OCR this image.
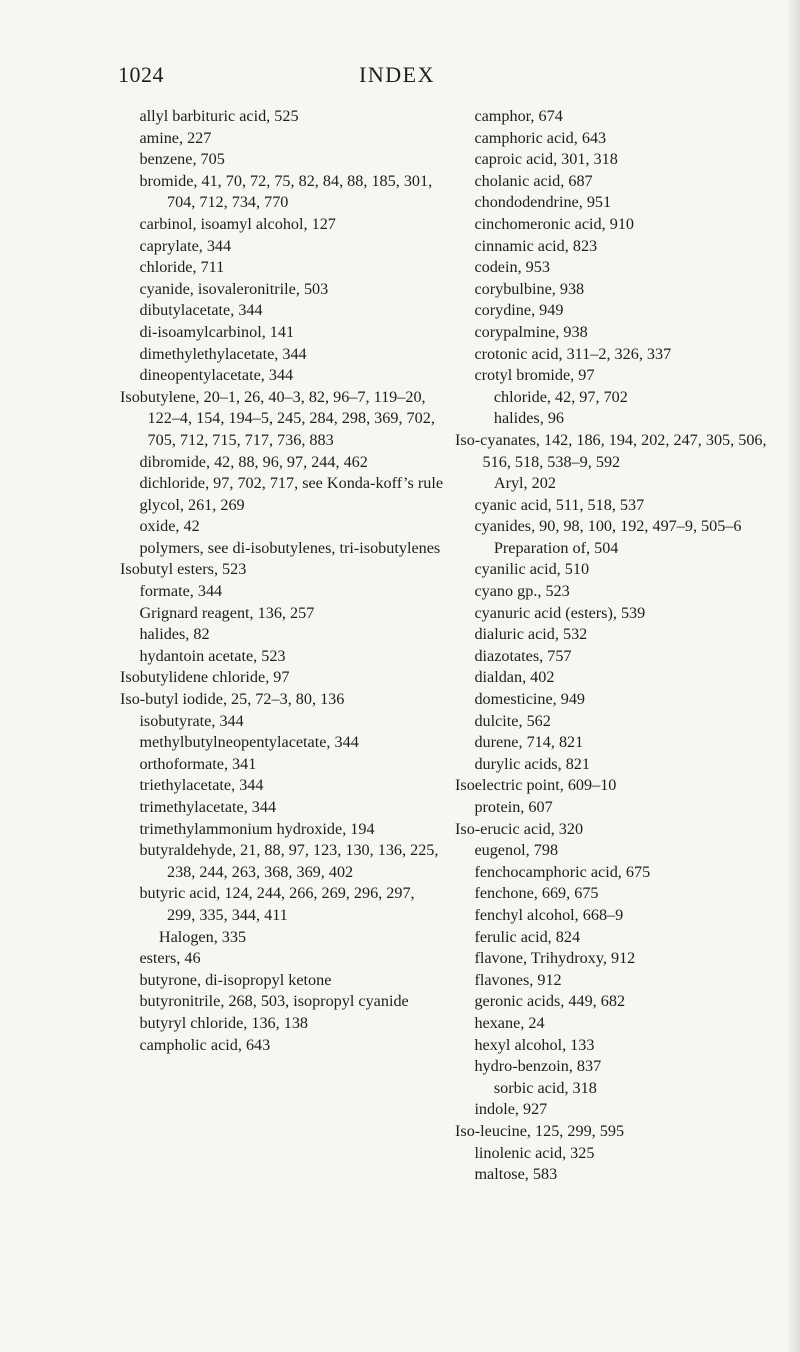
1024	INDEX
allyl barbituric acid, 525
amine, 227
benzene, 705
bromide, 41, 70, 72, 75, 82, 84, 88, 185, 301, 704, 712, 734, 770
carbinol, isoamyl alcohol, 127
caprylate, 344
chloride, 711
cyanide, isovaleronitrile, 503
dibutylacetate, 344
di-isoamylcarbinol, 141
dimethylethylacetate, 344
dineopentylacetate, 344
Isobutylene, 20–1, 26, 40–3, 82, 96–7, 119–20, 122–4, 154, 194–5, 245, 284, 298, 369, 702, 705, 712, 715, 717, 736, 883
dibromide, 42, 88, 96, 97, 244, 462
dichloride, 97, 702, 717, see Konda-koff’s rule
glycol, 261, 269
oxide, 42
polymers, see di-isobutylenes, tri-isobutylenes
Isobutyl esters, 523
formate, 344
Grignard reagent, 136, 257
halides, 82
hydantoin acetate, 523
Isobutylidene chloride, 97
Iso-butyl iodide, 25, 72–3, 80, 136
isobutyrate, 344
methylbutylneopentylacetate, 344
orthoformate, 341
triethylacetate, 344
trimethylacetate, 344
trimethylammonium hydroxide, 194
butyraldehyde, 21, 88, 97, 123, 130, 136, 225, 238, 244, 263, 368, 369, 402
butyric acid, 124, 244, 266, 269, 296, 297, 299, 335, 344, 411
Halogen, 335
esters, 46
butyrone, di-isopropyl ketone
butyronitrile, 268, 503, isopropyl cyanide
butyryl chloride, 136, 138
campholic acid, 643
camphor, 674
camphoric acid, 643
caproic acid, 301, 318
cholanic acid, 687
chondodendrine, 951
cinchomeronic acid, 910
cinnamic acid, 823
codein, 953
corybulbine, 938
corydine, 949
corypalmine, 938
crotonic acid, 311–2, 326, 337
crotyl bromide, 97
chloride, 42, 97, 702
halides, 96
Iso-cyanates, 142, 186, 194, 202, 247, 305, 506, 516, 518, 538–9, 592
Aryl, 202
cyanic acid, 511, 518, 537
cyanides, 90, 98, 100, 192, 497–9, 505–6
Preparation of, 504
cyanilic acid, 510
cyano gp., 523
cyanuric acid (esters), 539
dialuric acid, 532
diazotates, 757
dialdan, 402
domesticine, 949
dulcite, 562
durene, 714, 821
durylic acids, 821
Isoelectric point, 609–10
protein, 607
Iso-erucic acid, 320
eugenol, 798
fenchocamphoric acid, 675
fenchone, 669, 675
fenchyl alcohol, 668–9
ferulic acid, 824
flavone, Trihydroxy, 912
flavones, 912
geronic acids, 449, 682
hexane, 24
hexyl alcohol, 133
hydro-benzoin, 837
sorbic acid, 318
indole, 927
Iso-leucine, 125, 299, 595
linolenic acid, 325
maltose, 583
